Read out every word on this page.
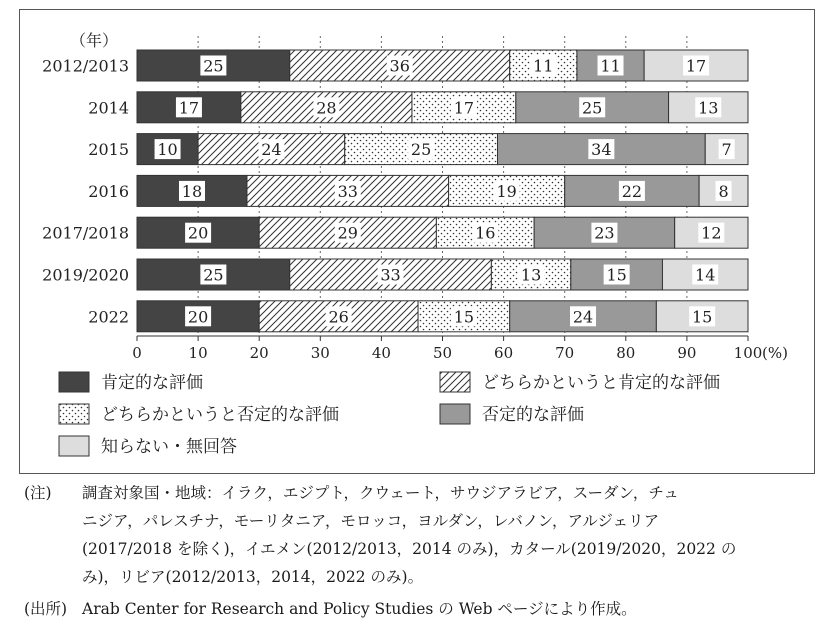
25	36	11	11	17
17	28	17	25	13
10	24	25	34	7
18	33	19	22	8
20	29	16	23	12
25	33	13	15	14
20	26	15	24	15
（年）
2012/2013
2014
2015
2016
2017/2018
2019/2020
2022
0	10	20	30	40	50	60	70	80	90 100 (%)
肯定的な評価	どちらかというと肯定的な評価
どちらかというと否定的な評価	否定的な評価
知らない・無回答
(注) 調査対象国・地域：イラク，エジプト，クウェート，サウジアラビア，スーダン，チュ
ニジア，パレスチナ，モーリタニア，モロッコ，ヨルダン，レバノン，アルジェリア
(2017/2018 を除く)，イエメン(2012/2013，2014 のみ)，カタール(2019/2020，2022 の
み)，リビア(2012/2013，2014，2022 のみ)。
(出所) Arab Center for Research and Policy Studies の Web ページにより作成。
